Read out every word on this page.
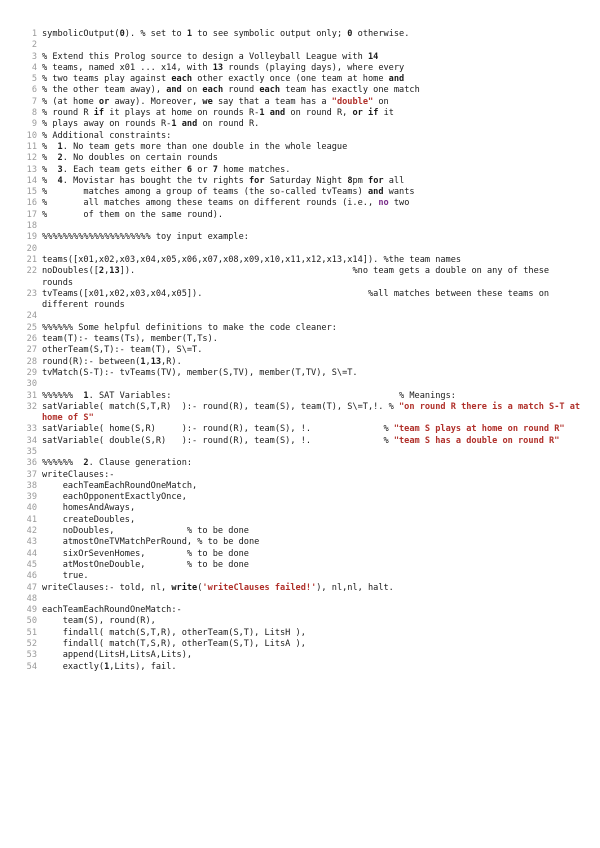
1 symbolicOutput(0). % set to 1 to see symbolic output only; 0 otherwise.
2
3 % Extend this Prolog source to design a Volleyball League with 14
4 % teams, named x01 ... x14, with 13 rounds (playing days), where every
5 % two teams play against each other exactly once (one team at home and
6 % the other team away), and on each round each team has exactly one match
7 % (at home or away). Moreover, we say that a team has a "double" on
8 % round R if it plays at home on rounds R-1 and on round R, or if it
9 % plays away on rounds R-1 and on round R.
10 % Additional constraints:
11 %  1. No team gets more than one double in the whole league
12 %  2. No doubles on certain rounds
13 %  3. Each team gets either 6 or 7 home matches.
14 %  4. Movistar has bought the tv rights for Saturday Night 8pm for all
15 %       matches among a group of teams (the so-called tvTeams) and wants
16 %       all matches among these teams on different rounds (i.e., no two
17 %       of them on the same round).
18
19 %%%%%%%%%%%%%%%%%%%%% toy input example:
20
21 teams([x01,x02,x03,x04,x05,x06,x07,x08,x09,x10,x11,x12,x13,x14]). %the team names
22 noDoubles([2,13]).                                          %no team gets a double on any of these rounds
23 tvTeams([x01,x02,x03,x04,x05]).                                %all matches between these teams on different rounds
24
25 %%%%%% Some helpful definitions to make the code cleaner:
26 team(T):- teams(Ts), member(T,Ts).
27 otherTeam(S,T):- team(T), S\=T.
28 round(R):- between(1,13,R).
29 tvMatch(S-T):- tvTeams(TV), member(S,TV), member(T,TV), S\=T.
30
31 %%%%%%  1. SAT Variables:                                            % Meanings:
32 satVariable( match(S,T,R)  ):- round(R), team(S), team(T), S\=T,!. % "on round R there is a match S-T at home of S"
33 satVariable( home(S,R)     ):- round(R), team(S), !.              % "team S plays at home on round R"
34 satVariable( double(S,R)   ):- round(R), team(S), !.              % "team S has a double on round R"
35
36 %%%%%%  2. Clause generation:
37 writeClauses:-
38 eachTeamEachRoundOneMatch,
39 eachOpponentExactlyOnce,
40 homesAndAways,
41 createDoubles,
42 noDoubles,              % to be done
43 atmostOneTVMatchPerRound, % to be done
44 sixOrSevenHomes,        % to be done
45 atMostOneDouble,        % to be done
46 true.
47 writeClauses:- told, nl, write('writeClauses failed!'), nl,nl, halt.
48
49 eachTeamEachRoundOneMatch:-
50 team(S), round(R),
51 findall( match(S,T,R), otherTeam(S,T), LitsH ),
52 findall( match(T,S,R), otherTeam(S,T), LitsA ),
53 append(LitsH,LitsA,Lits),
54 exactly(1,Lits), fail.
